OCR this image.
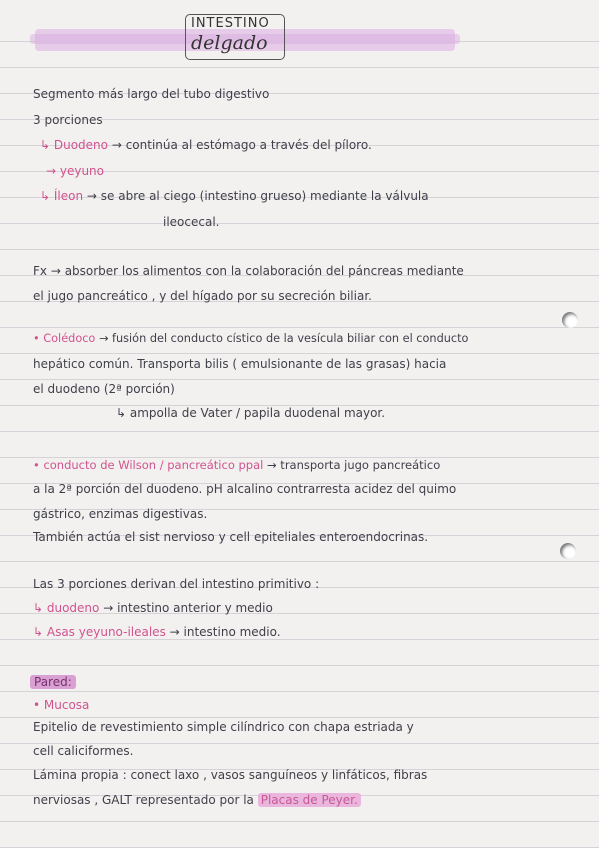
INTESTINO
delgado
Segmento más largo del tubo digestivo
3 porciones
↳ Duodeno → continúa al estómago a través del píloro.
→ yeyuno
↳ Íleon → se abre al ciego (intestino grueso) mediante la válvula
ileocecal.
Fx → absorber los alimentos con la colaboración del páncreas mediante
el jugo pancreático , y del hígado por su secreción biliar.
• Colédoco → fusión del conducto cístico de la vesícula biliar con el conducto
hepático común. Transporta bilis ( emulsionante de las grasas) hacia
el duodeno (2ª porción)
↳ ampolla de Vater / papila duodenal mayor.
• conducto de Wilson / pancreático ppal → transporta jugo pancreático
a la 2ª porción del duodeno. pH alcalino contrarresta acidez del quimo
gástrico, enzimas digestivas.
También actúa el sist nervioso y cell epiteliales enteroendocrinas.
Las 3 porciones derivan del intestino primitivo :
↳ duodeno → intestino anterior y medio
↳ Asas yeyuno-ileales → intestino medio.
Pared:
• Mucosa
Epitelio de revestimiento simple cilíndrico con chapa estriada y
cell caliciformes.
Lámina propia : conect laxo , vasos sanguíneos y linfáticos, fibras
nerviosas , GALT representado por la Placas de Peyer.
